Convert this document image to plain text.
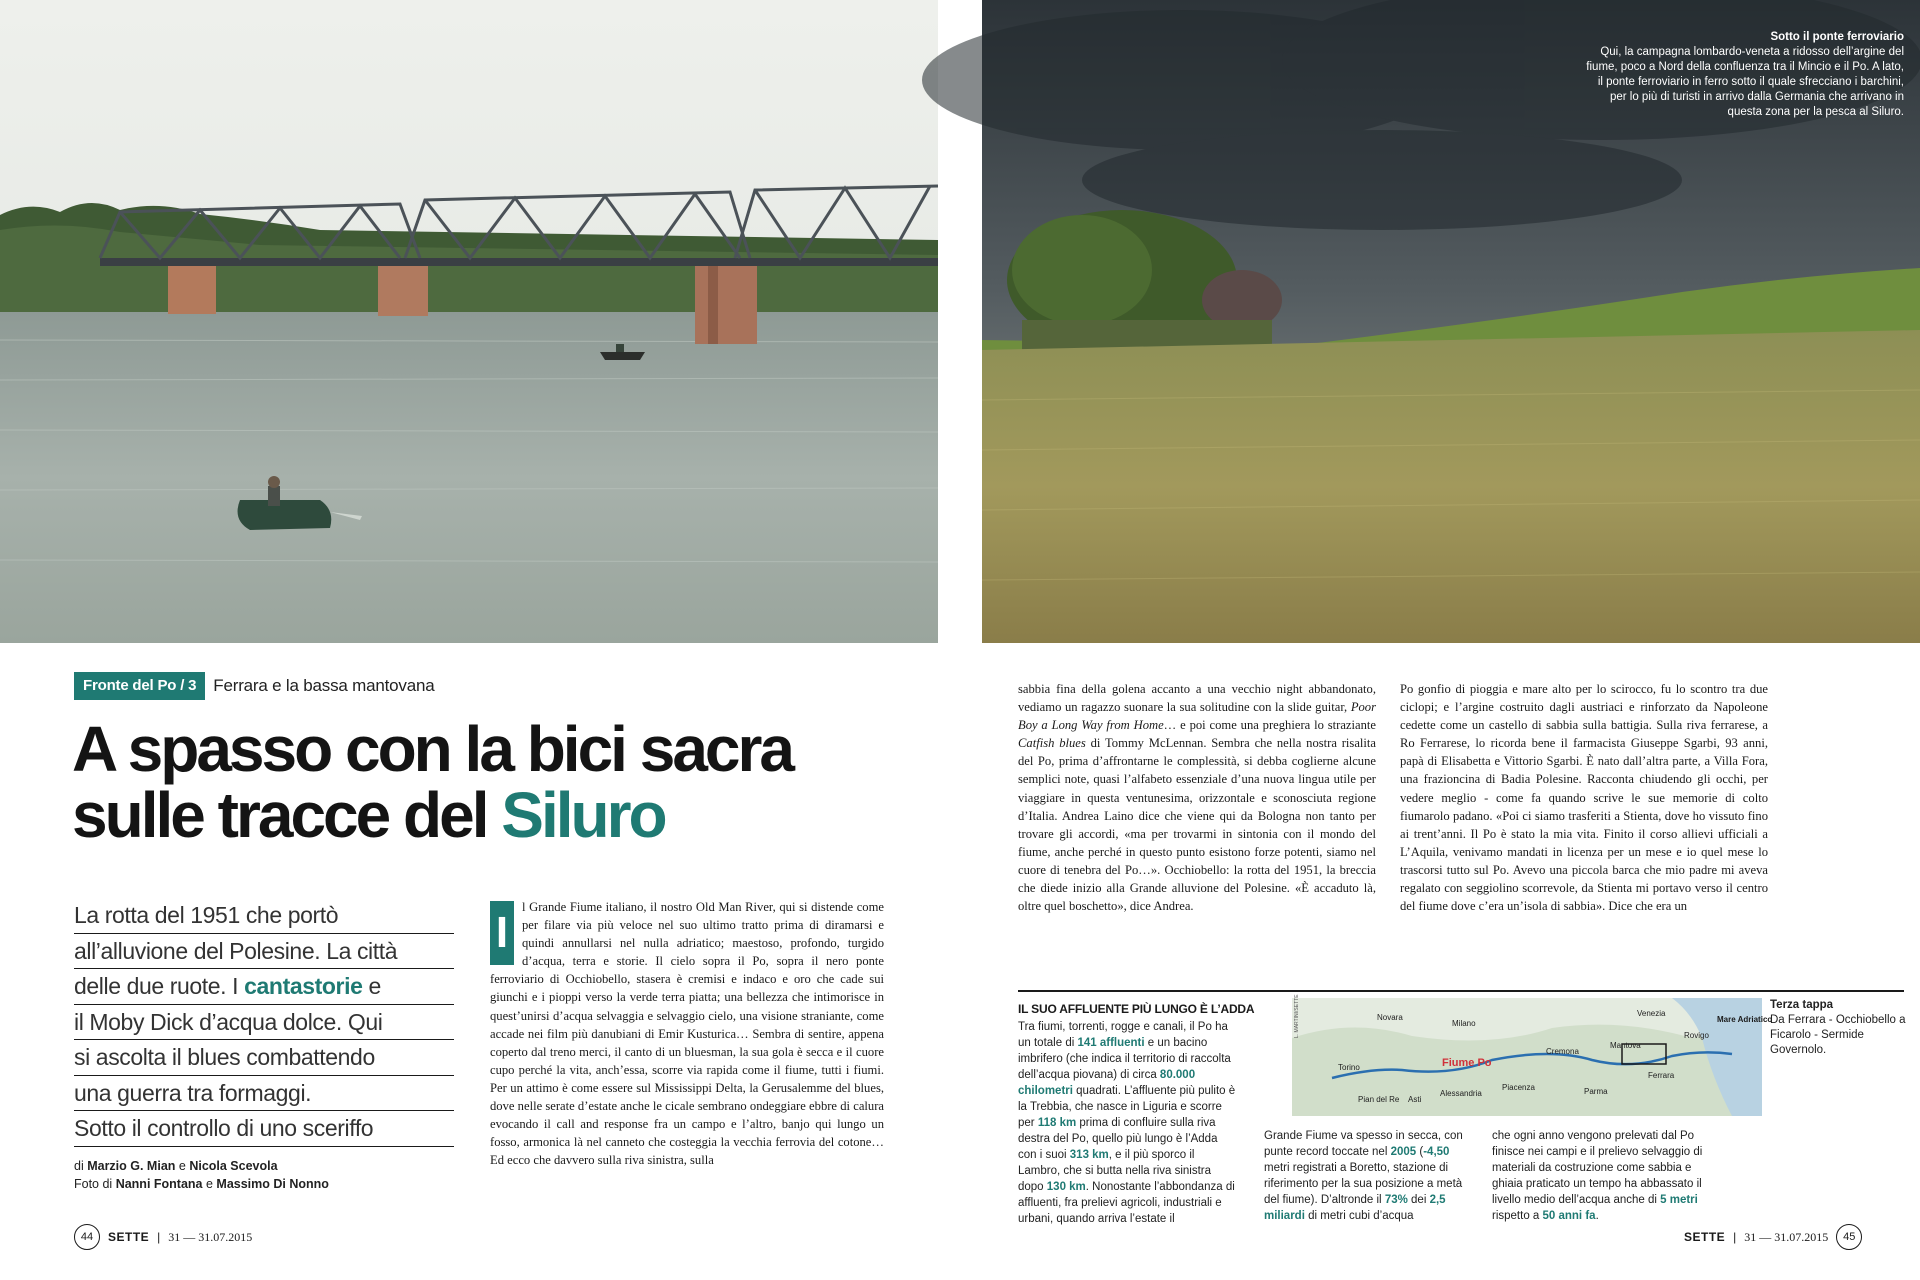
Fronte del Po / 3	Ferrara e la bassa mantovana
A spasso con la bici sacra
sulle tracce del Siluro
La rotta del 1951 che portò
all’alluvione del Polesine. La città
delle due ruote. I cantastorie e
il Moby Dick d’acqua dolce. Qui
si ascolta il blues combattendo
una guerra tra formaggi.
Sotto il controllo di uno sceriffo
di Marzio G. Mian e Nicola Scevola
Foto di Nanni Fontana e Massimo Di Nonno
I
l Grande Fiume italiano, il nostro Old Man River, qui si distende come per filare via più veloce nel suo ultimo tratto prima di diramarsi e quindi annullarsi nel nulla adriatico; maestoso, profondo, turgido d’acqua, terra e storie. Il cielo sopra il Po, sopra il nero ponte ferroviario di Occhiobello, stasera è cremisi e indaco e oro che cade sui giunchi e i pioppi verso la verde terra piatta; una bellezza che intimorisce in quest’unirsi d’acqua selvaggia e selvaggio cielo, una visione straniante, come accade nei film più danubiani di Emir Kusturica… Sembra di sentire, appena coperto dal treno merci, il canto di un bluesman, la sua gola è secca e il cuore cupo perché la vita, anch’essa, scorre via rapida come il fiume, tutti i fiumi. Per un attimo è come essere sul Mississippi Delta, la Gerusalemme del blues, dove nelle serate d’estate anche le cicale sembrano ondeggiare ebbre di calura evocando il call and response fra un campo e l’altro, banjo qui lungo un fosso, armonica là nel canneto che costeggia la vecchia ferrovia del cotone… Ed ecco che davvero sulla riva sinistra, sulla
44	SETTE | 31 — 31.07.2015
Sotto il ponte ferroviario
Qui, la campagna lombardo-veneta a ridosso dell’argine del fiume, poco a Nord della confluenza tra il Mincio e il Po. A lato, il ponte ferroviario in ferro sotto il quale sfrecciano i barchini, per lo più di turisti in arrivo dalla Germania che arrivano in questa zona per la pesca al Siluro.
sabbia fina della golena accanto a una vecchio night abbandonato, vediamo un ragazzo suonare la sua solitudine con la slide guitar, Poor Boy a Long Way from Home… e poi come una preghiera lo straziante Catfish blues di Tommy McLennan. Sembra che nella nostra risalita del Po, prima d’affrontarne le complessità, si debba coglierne alcune semplici note, quasi l’alfabeto essenziale d’una nuova lingua utile per viaggiare in questa ventunesima, orizzontale e sconosciuta regione d’Italia. Andrea Laino dice che viene qui da Bologna non tanto per trovare gli accordi, «ma per trovarmi in sintonia con il mondo del fiume, anche perché in questo punto esistono forze potenti, siamo nel cuore di tenebra del Po…». Occhiobello: la rotta del 1951, la breccia che diede inizio alla Grande alluvione del Polesine. «È accaduto là, oltre quel boschetto», dice Andrea.
Po gonfio di pioggia e mare alto per lo scirocco, fu lo scontro tra due ciclopi; e l’argine costruito dagli austriaci e rinforzato da Napoleone cedette come un castello di sabbia sulla battigia. Sulla riva ferrarese, a Ro Ferrarese, lo ricorda bene il farmacista Giuseppe Sgarbi, 93 anni, papà di Elisabetta e Vittorio Sgarbi. È nato dall’altra parte, a Villa Fora, una frazioncina di Badia Polesine. Racconta chiudendo gli occhi, per vedere meglio - come fa quando scrive le sue memorie di colto fiumarolo padano. «Poi ci siamo trasferiti a Stienta, dove ho vissuto fino ai trent’anni. Il Po è stato la mia vita. Finito il corso allievi ufficiali a L’Aquila, venivamo mandati in licenza per un mese e io quel mese lo trascorsi tutto sul Po. Avevo una piccola barca che mio padre mi aveva regalato con seggiolino scorrevole, da Stienta mi portavo verso il centro del fiume dove c’era un’isola di sabbia». Dice che era un
IL SUO AFFLUENTE PIÙ LUNGO È L’ADDA
Tra fiumi, torrenti, rogge e canali, il Po ha un totale di 141 affluenti e un bacino imbrifero (che indica il territorio di raccolta dell’acqua piovana) di circa 80.000 chilometri quadrati. L’affluente più pulito è la Trebbia, che nasce in Liguria e scorre per 118 km prima di confluire sulla riva destra del Po, quello più lungo è l’Adda con i suoi 313 km, e il più sporco il Lambro, che si butta nella riva sinistra dopo 130 km. Nonostante l’abbondanza di affluenti, fra prelievi agricoli, industriali e urbani, quando arriva l’estate il
Fiume Po
Mare Adriatico
Novara
Milano
Torino
Venezia
Rovigo
Mantova
Cremona
Piacenza	Parma
Pian del Re Asti
Alessandria
Ferrara
L. MARTINI/SETTE	Terza tappa
Da Ferrara - Occhiobello a Ficarolo - Sermide Governolo.
Grande Fiume va spesso in secca, con punte record toccate nel 2005 (-4,50 metri registrati a Boretto, stazione di riferimento per la sua posizione a metà del fiume). D’altronde il 73% dei 2,5 miliardi di metri cubi d’acqua
che ogni anno vengono prelevati dal Po finisce nei campi e il prelievo selvaggio di materiali da costruzione come sabbia e ghiaia praticato un tempo ha abbassato il livello medio dell’acqua anche di 5 metri rispetto a 50 anni fa.
SETTE | 31 — 31.07.2015	45
